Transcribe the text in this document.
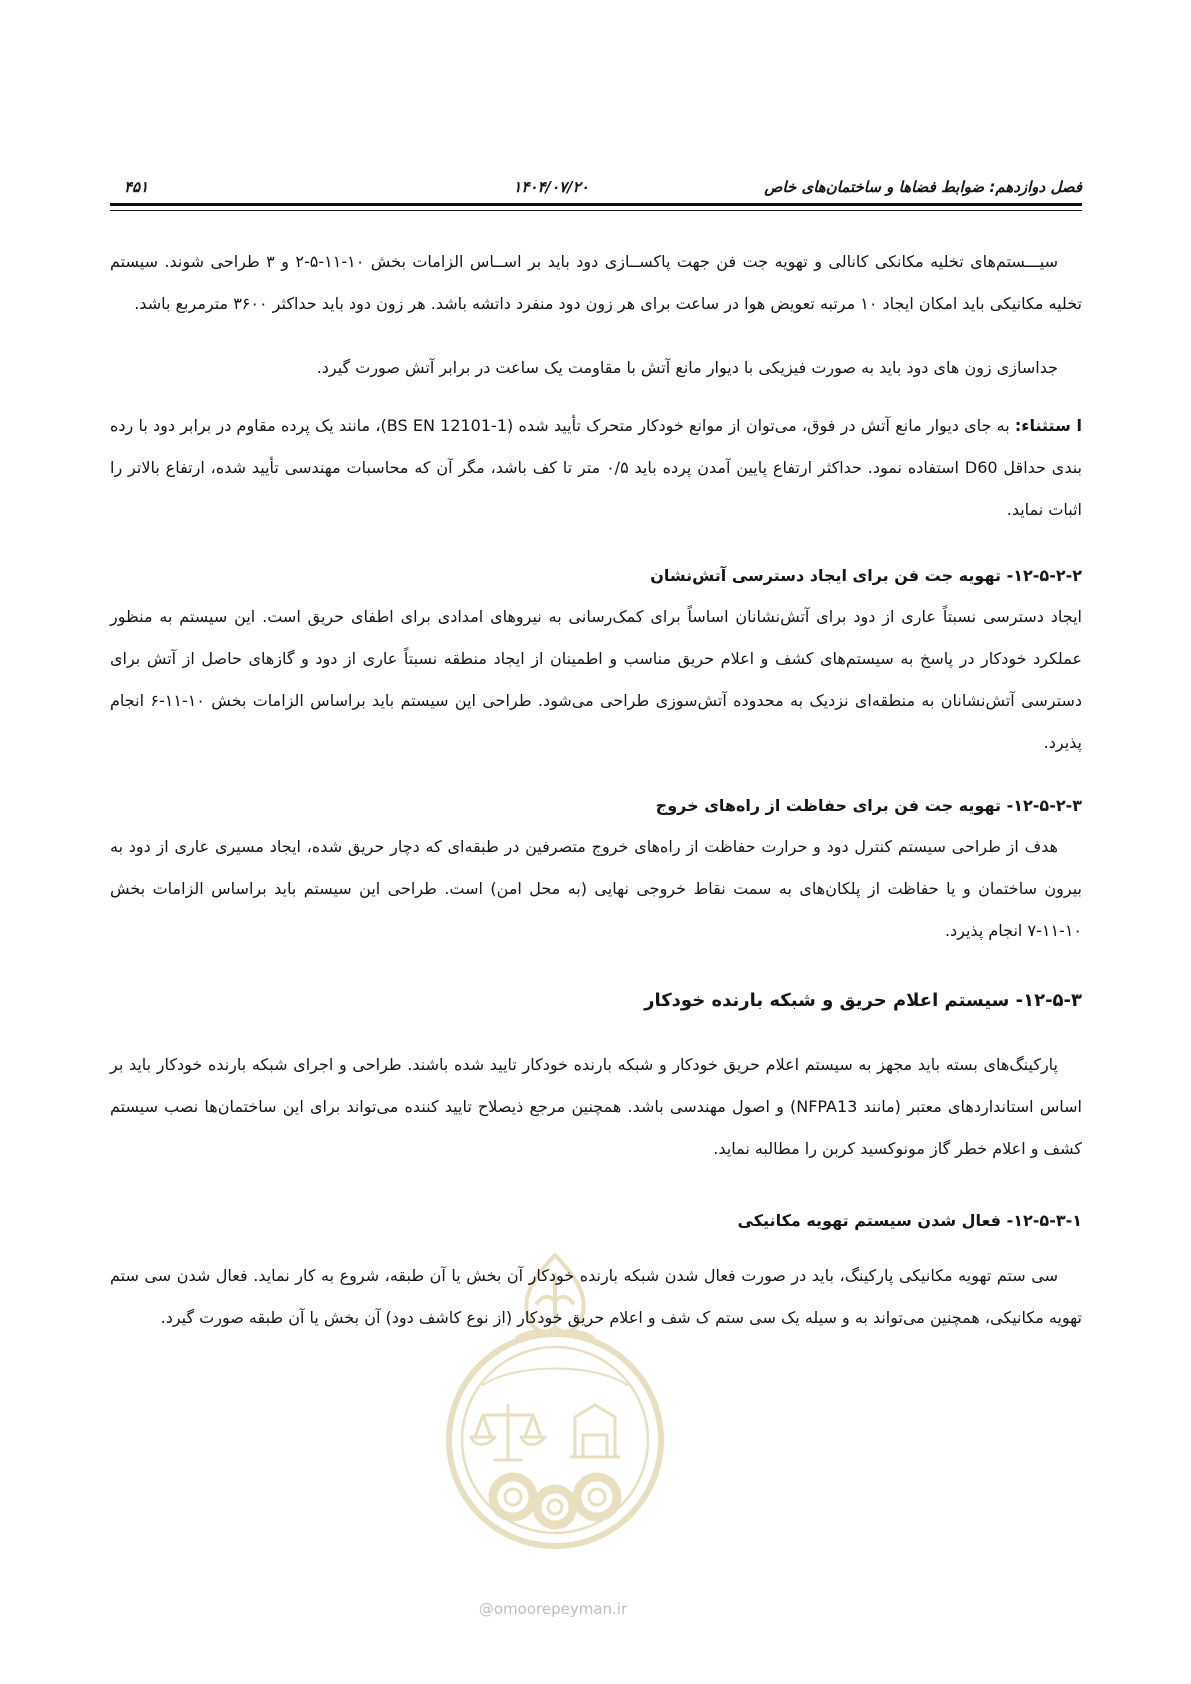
فصل دوازدهم: ضوابط فضاها و ساختمان‌های خاص
۱۴۰۴/۰۷/۲۰
۴۵۱
@omoorepeyman.ir

سیـــستم‌های تخلیه مکانکی کانالی و تهویه جت فن جهت پاکســازی دود باید بر اســاس الزامات بخش ۱۰-۱۱-۵-۲ و ۳ طراحی شوند. سیستم تخلیه مکانیکی باید امکان ایجاد ۱۰ مرتبه تعویض هوا در ساعت برای هر زون دود منفرد داتشه باشد. هر زون دود باید حداکثر ۳۶۰۰ مترمربع باشد.

جداسازی زون های دود باید به صورت فیزیکی با دیوار مانع آتش با مقاومت یک ساعت در برابر آتش صورت گیرد.

ا ستثناء: به جای دیوار مانع آتش در فوق، می‌توان از موانع خودکار متحرک تأیید شده (BS EN 12101-1)، مانند یک پرده مقاوم در برابر دود با رده بندی حداقل D60 استفاده نمود. حداکثر ارتفاع پایین آمدن پرده باید ۰/۵ متر تا کف باشد، مگر آن که محاسبات مهندسی تأیید شده، ارتفاع بالاتر را اثبات نماید.

۱۲-۵-۲-۲- تهویه جت فن برای ایجاد دسترسی آتش‌نشان

ایجاد دسترسی نسبتاً عاری از دود برای آتش‌نشانان اساساً برای کمک‌رسانی به نیروهای امدادی برای اطفای حریق است. این سیستم به منظور عملکرد خودکار در پاسخ به سیستم‌های کشف و اعلام حریق مناسب و اطمینان از ایجاد منطقه نسبتاً عاری از دود و گازهای حاصل از آتش برای دسترسی آتش‌نشانان به منطقه‌ای نزدیک به محدوده آتش‌سوزی طراحی می‌شود. طراحی این سیستم باید براساس الزامات بخش ۱۰-۱۱-۶ انجام پذیرد.

۱۲-۵-۲-۳- تهویه جت فن برای حفاظت از راه‌های خروج

هدف از طراحی سیستم کنترل دود و حرارت حفاظت از راه‌های خروج متصرفین در طبقه‌ای که دچار حریق شده، ایجاد مسیری عاری از دود به بیرون ساختمان و یا حفاظت از پلکان‌های به سمت نقاط خروجی نهایی (به محل امن) است. طراحی این سیستم باید براساس الزامات بخش ۱۰-۱۱-۷ انجام پذیرد.

۱۲-۵-۳- سیستم اعلام حریق و شبکه بارنده خودکار

پارکینگ‌های بسته باید مجهز به سیستم اعلام حریق خودکار و شبکه بارنده خودکار تایید شده باشند. طراحی و اجرای شبکه بارنده خودکار باید بر اساس استانداردهای معتبر (مانند NFPA13) و اصول مهندسی باشد. همچنین مرجع ذیصلاح تایید کننده می‌تواند برای این ساختمان‌ها نصب سیستم کشف و اعلام خطر گاز مونوکسید کربن را مطالبه نماید.

۱۲-۵-۳-۱- فعال شدن سیستم تهویه مکانیکی

سی ستم تهویه مکانیکی پارکینگ، باید در صورت فعال شدن شبکه بارنده خودکار آن بخش یا آن طبقه، شروع به کار نماید. فعال شدن سی ستم تهویه مکانیکی، همچنین می‌تواند به و سیله یک سی ستم ک شف و اعلام حریق خودکار (از نوع کاشف دود) آن بخش یا آن طبقه صورت گیرد.
